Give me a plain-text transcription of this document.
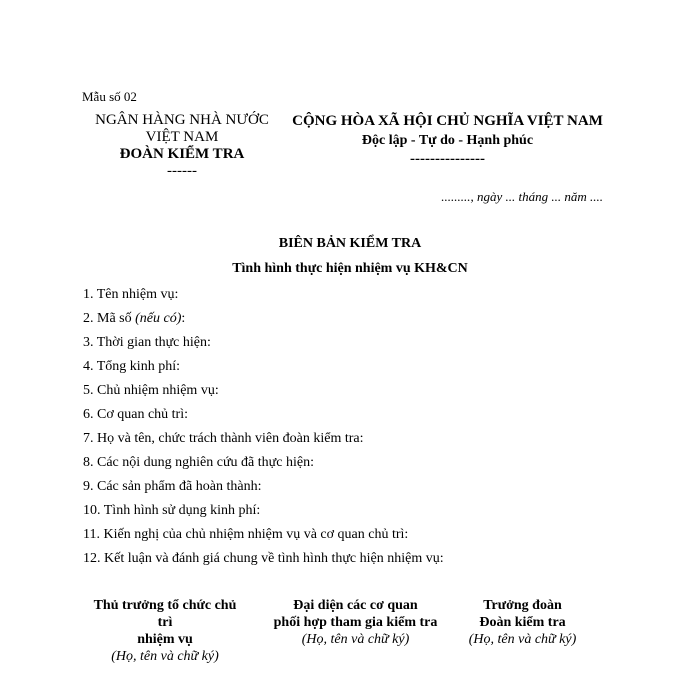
Mẫu số 02
NGÂN HÀNG NHÀ NƯỚC
VIỆT NAM
ĐOÀN KIỂM TRA
------
CỘNG HÒA XÃ HỘI CHỦ NGHĨA VIỆT NAM
Độc lập - Tự do - Hạnh phúc
---------------
........., ngày ... tháng ... năm ....
BIÊN BẢN KIỂM TRA
Tình hình thực hiện nhiệm vụ KH&CN
1. Tên nhiệm vụ:
2. Mã số (nếu có):
3. Thời gian thực hiện:
4. Tổng kinh phí:
5. Chủ nhiệm nhiệm vụ:
6. Cơ quan chủ trì:
7. Họ và tên, chức trách thành viên đoàn kiểm tra:
8. Các nội dung nghiên cứu đã thực hiện:
9. Các sản phẩm đã hoàn thành:
10. Tình hình sử dụng kinh phí:
11. Kiến nghị của chủ nhiệm nhiệm vụ và cơ quan chủ trì:
12. Kết luận và đánh giá chung về tình hình thực hiện nhiệm vụ:
Thủ trưởng tổ chức chủ
trì
nhiệm vụ
(Họ, tên và chữ ký)
Đại diện các cơ quan
phối hợp tham gia kiểm tra
(Họ, tên và chữ ký)
Trưởng đoàn
Đoàn kiểm tra
(Họ, tên và chữ ký)
